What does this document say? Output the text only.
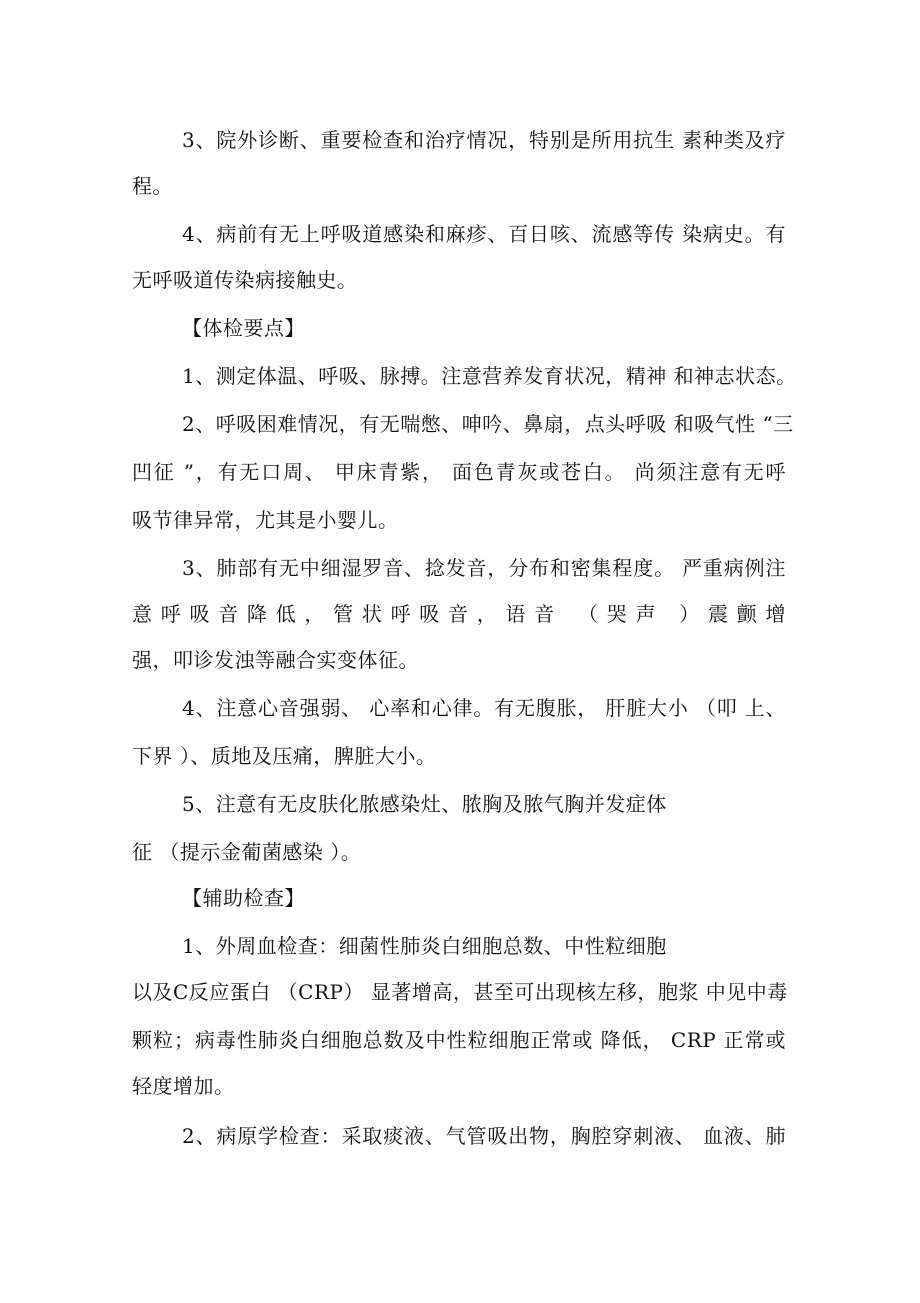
3、院外诊断、重要检查和治疗情况，特别是所用抗生 素种类及疗
程。
4、病前有无上呼吸道感染和麻疹、百日咳、流感等传 染病史。有
无呼吸道传染病接触史。
【体检要点】
1、测定体温、呼吸、脉搏。注意营养发育状况，精神 和神志状态。
2、呼吸困难情况，有无喘憋、呻吟、鼻扇，点头呼吸 和吸气性 “三
凹征 ”，有无口周、 甲床青紫， 面色青灰或苍白。 尚须注意有无呼
吸节律异常，尤其是小婴儿。
3、肺部有无中细湿罗音、捻发音，分布和密集程度。 严重病例注
意呼吸音降低，管状呼吸音，语音 （哭声 ）震颤增
强，叩诊发浊等融合实变体征。
4、注意心音强弱、 心率和心律。有无腹胀， 肝脏大小 （叩 上、
下界 ）、质地及压痛，脾脏大小。
5、注意有无皮肤化脓感染灶、脓胸及脓气胸并发症体
征 （提示金葡菌感染 ）。
【辅助检查】
1、外周血检查：细菌性肺炎白细胞总数、中性粒细胞
以及C反应蛋白 （CRP） 显著增高，甚至可出现核左移，胞浆 中见中毒
颗粒；病毒性肺炎白细胞总数及中性粒细胞正常或 降低， CRP 正常或
轻度增加。
2、病原学检查：采取痰液、气管吸出物，胸腔穿刺液、 血液、肺
